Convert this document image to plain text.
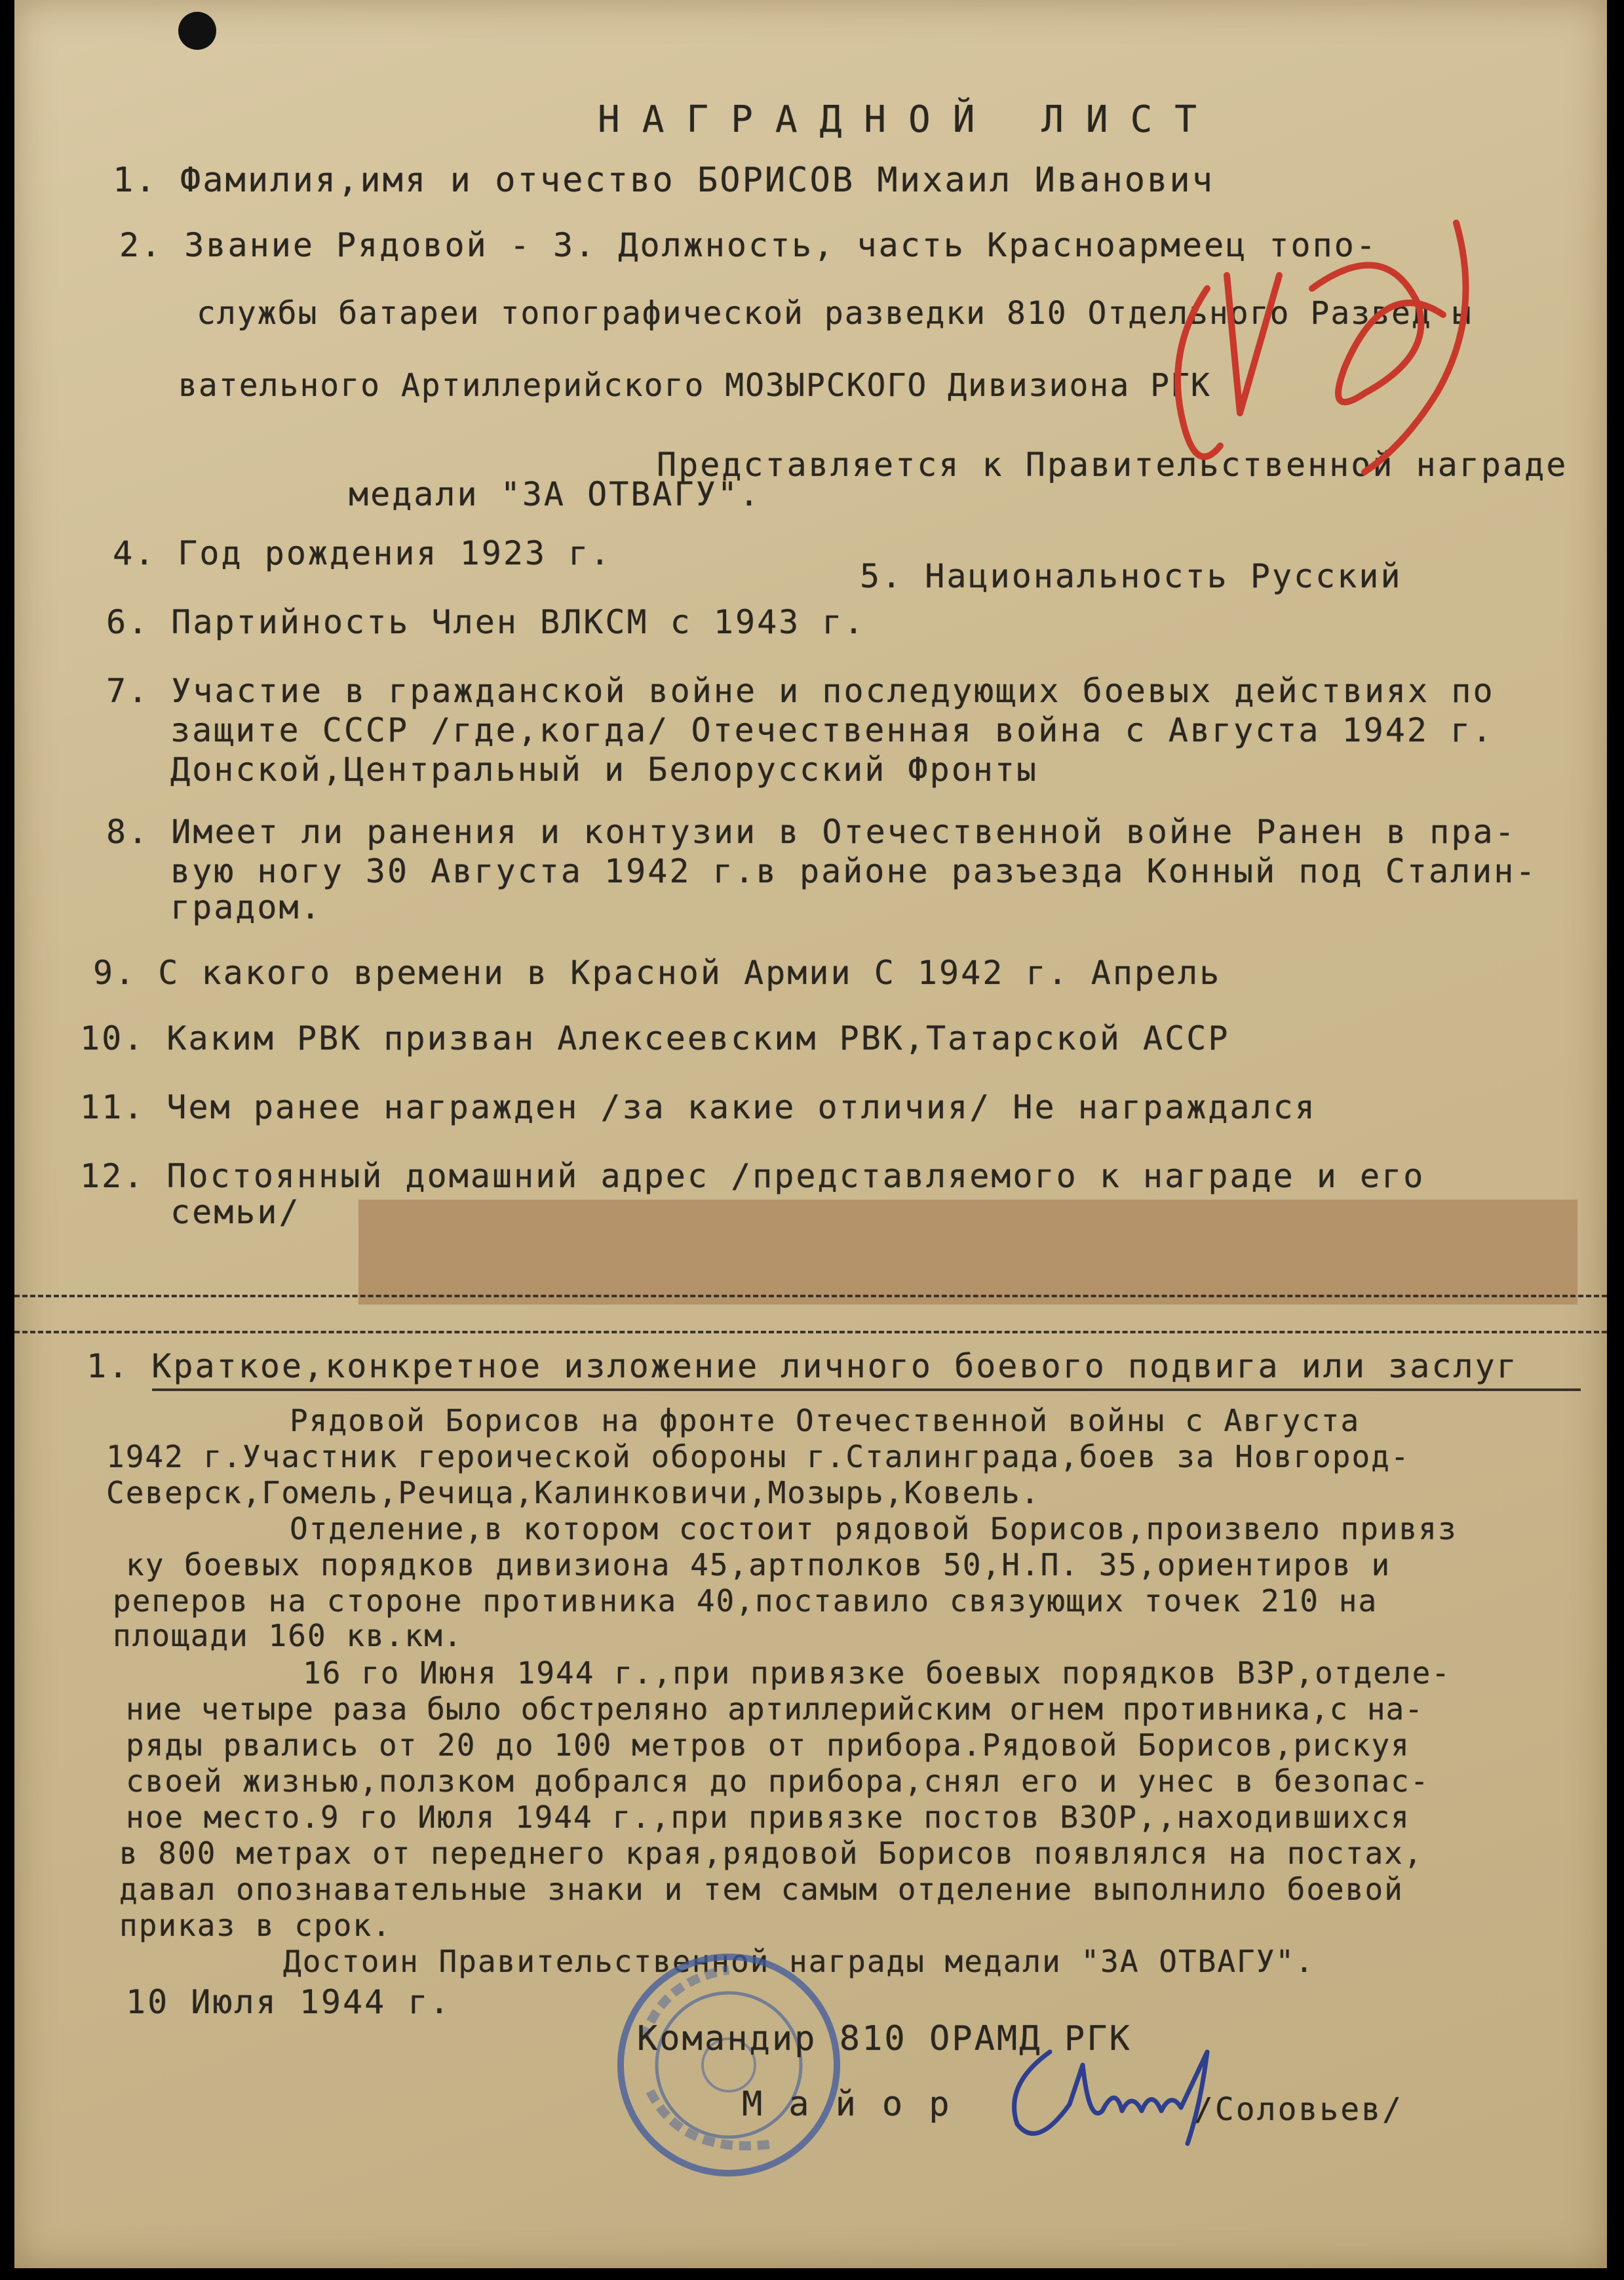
НАГРАДНОЙ ЛИСТ
1. Фамилия,имя и отчество БОРИСОВ Михаил Иванович
2. Звание Рядовой - 3. Должность, часть Красноармеец топо-
службы батареи топографической разведки 810 Отдельного Развед ы
вательного Артиллерийского МОЗЫРСКОГО Дивизиона РГК
Представляется к Правительственной награде
медали "ЗА ОТВАГУ".
4. Год рождения 1923 г.
5. Национальность Русский
6. Партийность Член ВЛКСМ с 1943 г.
7. Участие в гражданской войне и последующих боевых действиях по
защите СССР /где,когда/ Отечественная война с Августа 1942 г.
Донской,Центральный и Белорусский Фронты
8. Имеет ли ранения и контузии в Отечественной войне Ранен в пра-
вую ногу 30 Августа 1942 г.в районе разъезда Конный под Сталин-
градом.
9. С какого времени в Красной Армии С 1942 г. Апрель
10. Каким РВК призван Алексеевским РВК,Татарской АССР
11. Чем ранее награжден /за какие отличия/ Не награждался
12. Постоянный домашний адрес /представляемого к награде и его
семьи/
1. Краткое,конкретное изложение личного боевого подвига или заслуг
Рядовой Борисов на фронте Отечественной войны с Августа
1942 г.Участник героической обороны г.Сталинграда,боев за Новгород-
Северск,Гомель,Речица,Калинковичи,Мозырь,Ковель.
Отделение,в котором состоит рядовой Борисов,произвело привяз
ку боевых порядков дивизиона 45,артполков 50,Н.П. 35,ориентиров и
реперов на стороне противника 40,поставило связующих точек 210 на
площади 160 кв.км.
16 го Июня 1944 г.,при привязке боевых порядков ВЗР,отделе-
ние четыре раза было обстреляно артиллерийским огнем противника,с на-
ряды рвались от 20 до 100 метров от прибора.Рядовой Борисов,рискуя
своей жизнью,ползком добрался до прибора,снял его и унес в безопас-
ное место.9 го Июля 1944 г.,при привязке постов ВЗОР,,находившихся
в 800 метрах от переднего края,рядовой Борисов появлялся на постах,
давал опознавательные знаки и тем самым отделение выполнило боевой
приказ в срок.
Достоин Правительственной награды медали "ЗА ОТВАГУ".
10 Июля 1944 г.
Командир 810 ОРАМД РГК
Майор	/Соловьев/
